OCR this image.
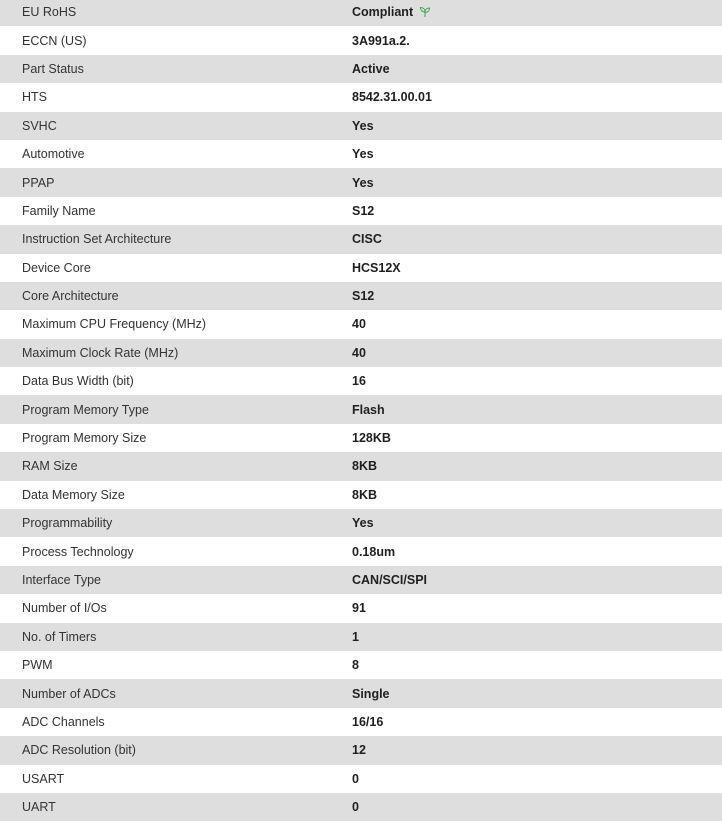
EU RoHS	Compliant
ECCN (US)	3A991a.2.
Part Status	Active
HTS	8542.31.00.01
SVHC	Yes
Automotive	Yes
PPAP	Yes
Family Name	S12
Instruction Set Architecture	CISC
Device Core	HCS12X
Core Architecture	S12
Maximum CPU Frequency (MHz)	40
Maximum Clock Rate (MHz)	40
Data Bus Width (bit)	16
Program Memory Type	Flash
Program Memory Size	128KB
RAM Size	8KB
Data Memory Size	8KB
Programmability	Yes
Process Technology	0.18um
Interface Type	CAN/SCI/SPI
Number of I/Os	91
No. of Timers	1
PWM	8
Number of ADCs	Single
ADC Channels	16/16
ADC Resolution (bit)	12
USART	0
UART	0
